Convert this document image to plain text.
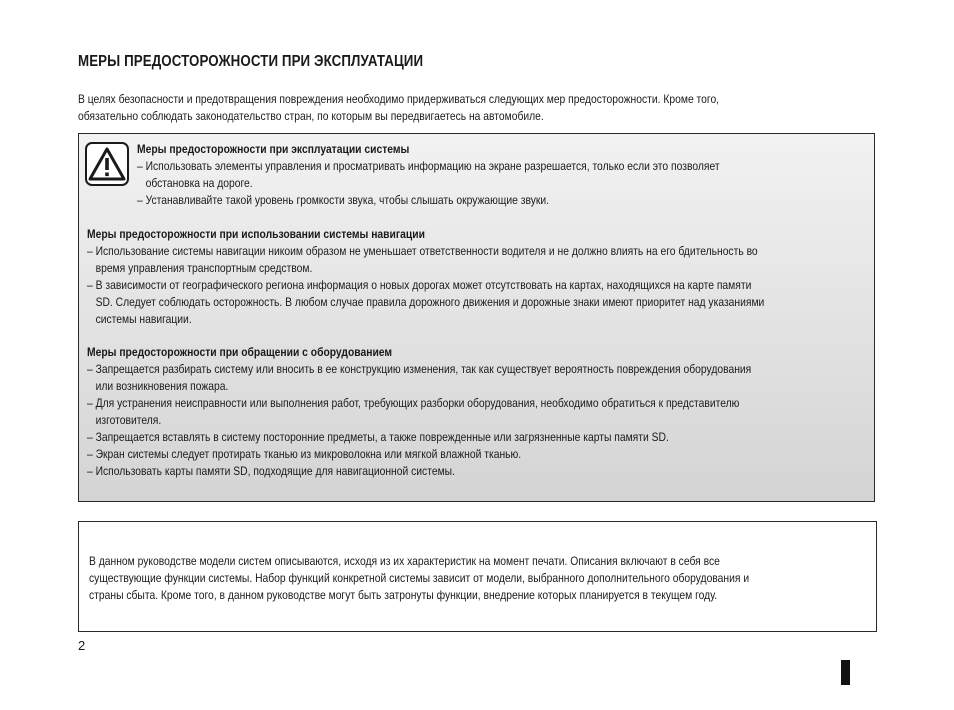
МЕРЫ ПРЕДОСТОРОЖНОСТИ ПРИ ЭКСПЛУАТАЦИИ
В целях безопасности и предотвращения повреждения необходимо придерживаться следующих мер предосторожности. Кроме того,
обязательно соблюдать законодательство стран, по которым вы передвигаетесь на автомобиле.
Меры предосторожности при эксплуатации системы
– Использовать элементы управления и просматривать информацию на экране разрешается, только если это позволяет
обстановка на дороге.
– Устанавливайте такой уровень громкости звука, чтобы слышать окружающие звуки.
Меры предосторожности при использовании системы навигации
– Использование системы навигации никоим образом не уменьшает ответственности водителя и не должно влиять на его бдительность во
время управления транспортным средством.
– В зависимости от географического региона информация о новых дорогах может отсутствовать на картах, находящихся на карте памяти
SD. Следует соблюдать осторожность. В любом случае правила дорожного движения и дорожные знаки имеют приоритет над указаниями
системы навигации.
Меры предосторожности при обращении с оборудованием
– Запрещается разбирать систему или вносить в ее конструкцию изменения, так как существует вероятность повреждения оборудования
или возникновения пожара.
– Для устранения неисправности или выполнения работ, требующих разборки оборудования, необходимо обратиться к представителю
изготовителя.
– Запрещается вставлять в систему посторонние предметы, а также поврежденные или загрязненные карты памяти SD.
– Экран системы следует протирать тканью из микроволокна или мягкой влажной тканью.
– Использовать карты памяти SD, подходящие для навигационной системы.
В данном руководстве модели систем описываются, исходя из их характеристик на момент печати. Описания включают в себя все
существующие функции системы. Набор функций конкретной системы зависит от модели, выбранного дополнительного оборудования и
страны сбыта. Кроме того, в данном руководстве могут быть затронуты функции, внедрение которых планируется в текущем году.
2
